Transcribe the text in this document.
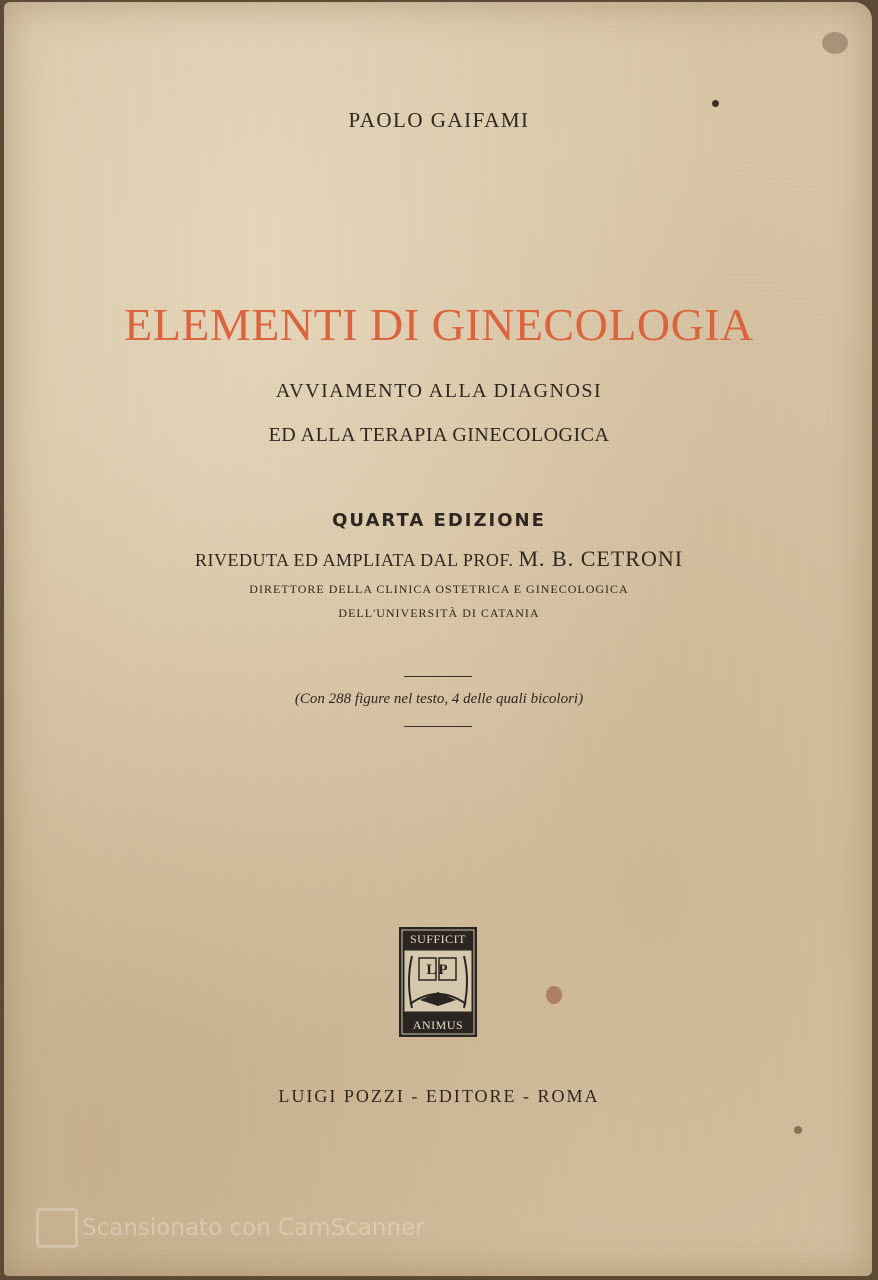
PAOLO GAIFAMI
ELEMENTI DI GINECOLOGIA
AVVIAMENTO ALLA DIAGNOSI
ED ALLA TERAPIA GINECOLOGICA
QUARTA EDIZIONE
RIVEDUTA ED AMPLIATA DAL PROF. M. B. CETRONI
DIRETTORE DELLA CLINICA OSTETRICA E GINECOLOGICA
DELL'UNIVERSITÀ DI CATANIA
(Con 288 figure nel testo, 4 delle quali bicolori)
SUFFICIT
LP
ANIMUS
LUIGI POZZI - EDITORE - ROMA
Scansionato con CamScanner
